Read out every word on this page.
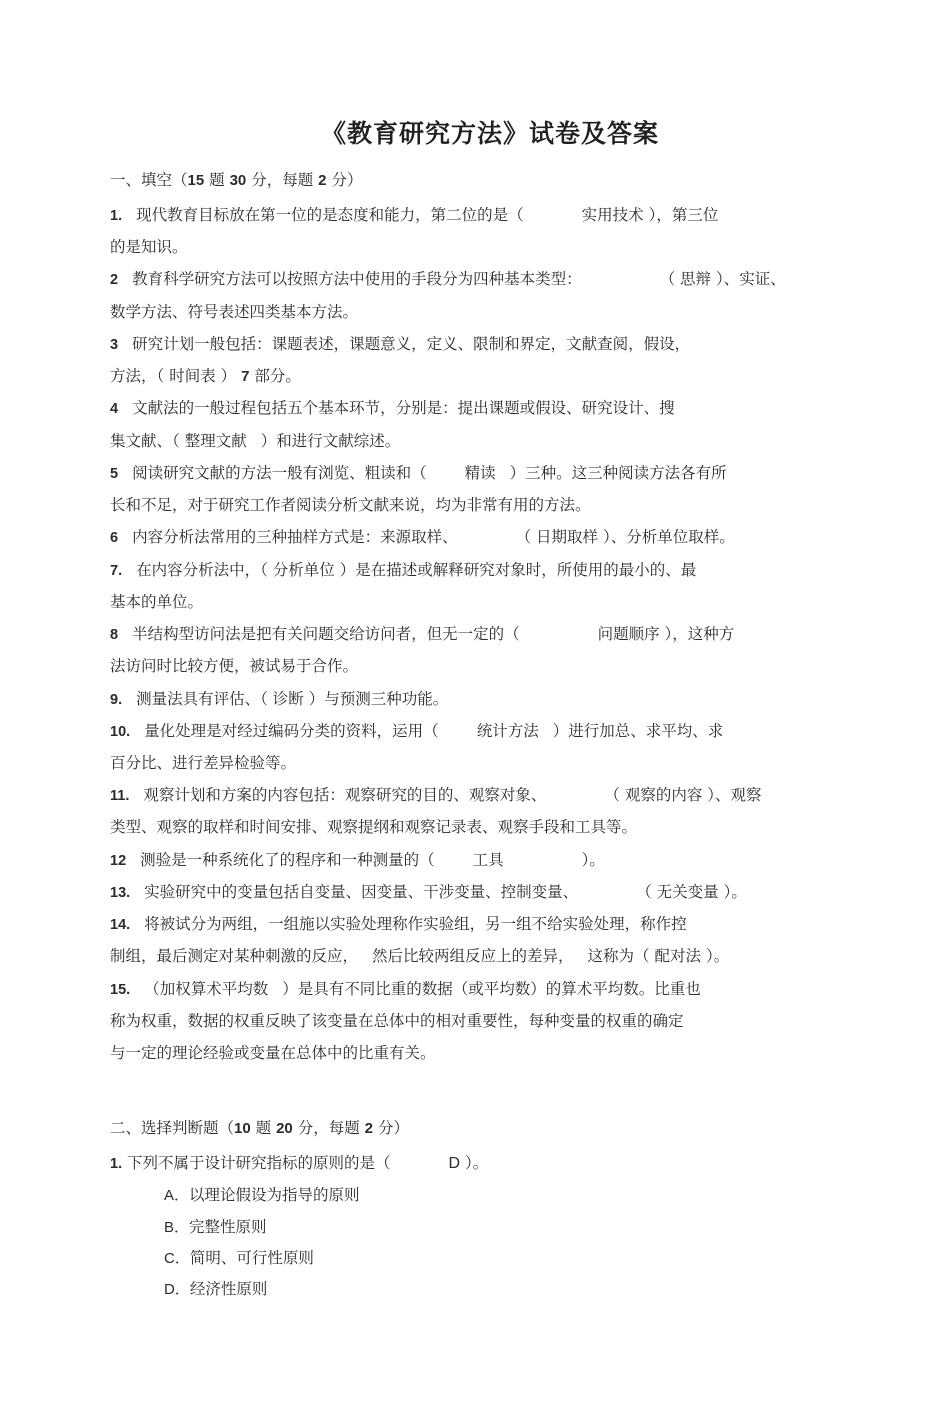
《教育研究方法》试卷及答案

一、填空（15 题 30 分，每题 2 分）

1. 现代教育目标放在第一位的是态度和能力，第二位的是（	实用技术 ），第三位
的是知识。

2 教育科学研究方法可以按照方法中使用的手段分为四种基本类型：	（ 思辩 ）、实证、
数学方法、符号表述四类基本方法。

3 研究计划一般包括：课题表述，课题意义，定义、限制和界定，文献查阅，假设，
方法，（ 时间表 ） 7 部分。

4 文献法的一般过程包括五个基本环节，分别是：提出课题或假设、研究设计、搜
集文献、（ 整理文献 ）和进行文献综述。

5 阅读研究文献的方法一般有浏览、粗读和（ 精读 ）三种。这三种阅读方法各有所
长和不足，对于研究工作者阅读分析文献来说，均为非常有用的方法。

6 内容分析法常用的三种抽样方式是：来源取样、	（ 日期取样 ）、分析单位取样。

7. 在内容分析法中，（ 分析单位 ）是在描述或解释研究对象时，所使用的最小的、最
基本的单位。

8 半结构型访问法是把有关问题交给访问者，但无一定的（	问题顺序 ），这种方
法访问时比较方便，被试易于合作。

9. 测量法具有评估、（ 诊断 ）与预测三种功能。

10. 量化处理是对经过编码分类的资料，运用（ 统计方法 ）进行加总、求平均、求
百分比、进行差异检验等。

11. 观察计划和方案的内容包括：观察研究的目的、观察对象、	（ 观察的内容 ）、观察
类型、观察的取样和时间安排、观察提纲和观察记录表、观察手段和工具等。

12 测验是一种系统化了的程序和一种测量的（ 工具	）。

13. 实验研究中的变量包括自变量、因变量、干涉变量、控制变量、	（ 无关变量 ）。

14. 将被试分为两组，一组施以实验处理称作实验组，另一组不给实验处理，称作控
制组，最后测定对某种刺激的反应， 然后比较两组反应上的差异， 这称为（ 配对法 ）。

15. （加权算术平均数 ）是具有不同比重的数据（或平均数）的算术平均数。比重也
称为权重，数据的权重反映了该变量在总体中的相对重要性，每种变量的权重的确定
与一定的理论经验或变量在总体中的比重有关。

二、选择判断题（10 题 20 分，每题 2 分）

1. 下列不属于设计研究指标的原则的是（	D ）。

A．以理论假设为指导的原则

B．完整性原则

C．简明、可行性原则

D．经济性原则
